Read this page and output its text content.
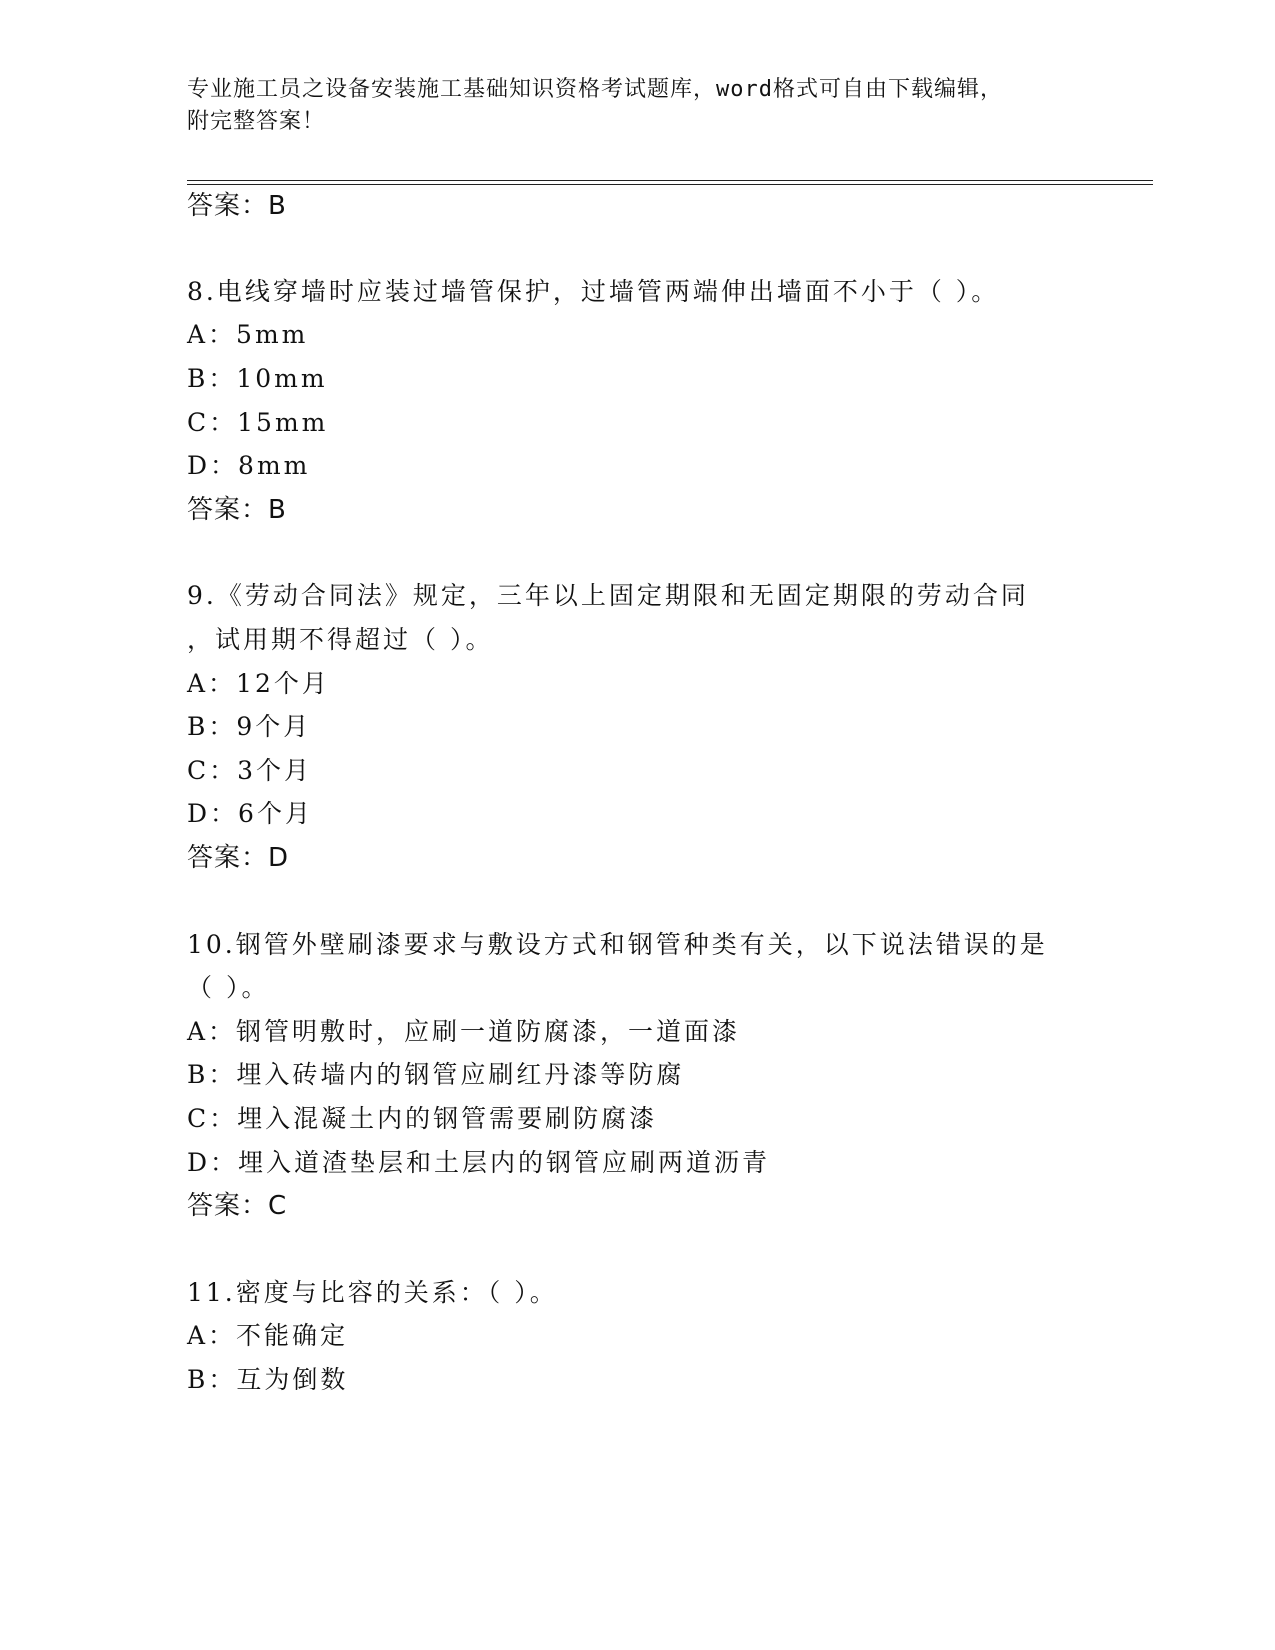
专业施工员之设备安装施工基础知识资格考试题库，word格式可自由下载编辑，
附完整答案！
答案：B
8.电线穿墙时应装过墙管保护，过墙管两端伸出墙面不小于（ ）。
A：5mm
B：10mm
C：15mm
D：8mm
答案：B
9.《劳动合同法》规定，三年以上固定期限和无固定期限的劳动合同
，试用期不得超过（ ）。
A：12个月
B：9个月
C：3个月
D：6个月
答案：D
10.钢管外壁刷漆要求与敷设方式和钢管种类有关，以下说法错误的是
（ ）。
A：钢管明敷时，应刷一道防腐漆，一道面漆
B：埋入砖墙内的钢管应刷红丹漆等防腐
C：埋入混凝土内的钢管需要刷防腐漆
D：埋入道渣垫层和土层内的钢管应刷两道沥青
答案：C
11.密度与比容的关系：（ ）。
A：不能确定
B：互为倒数
